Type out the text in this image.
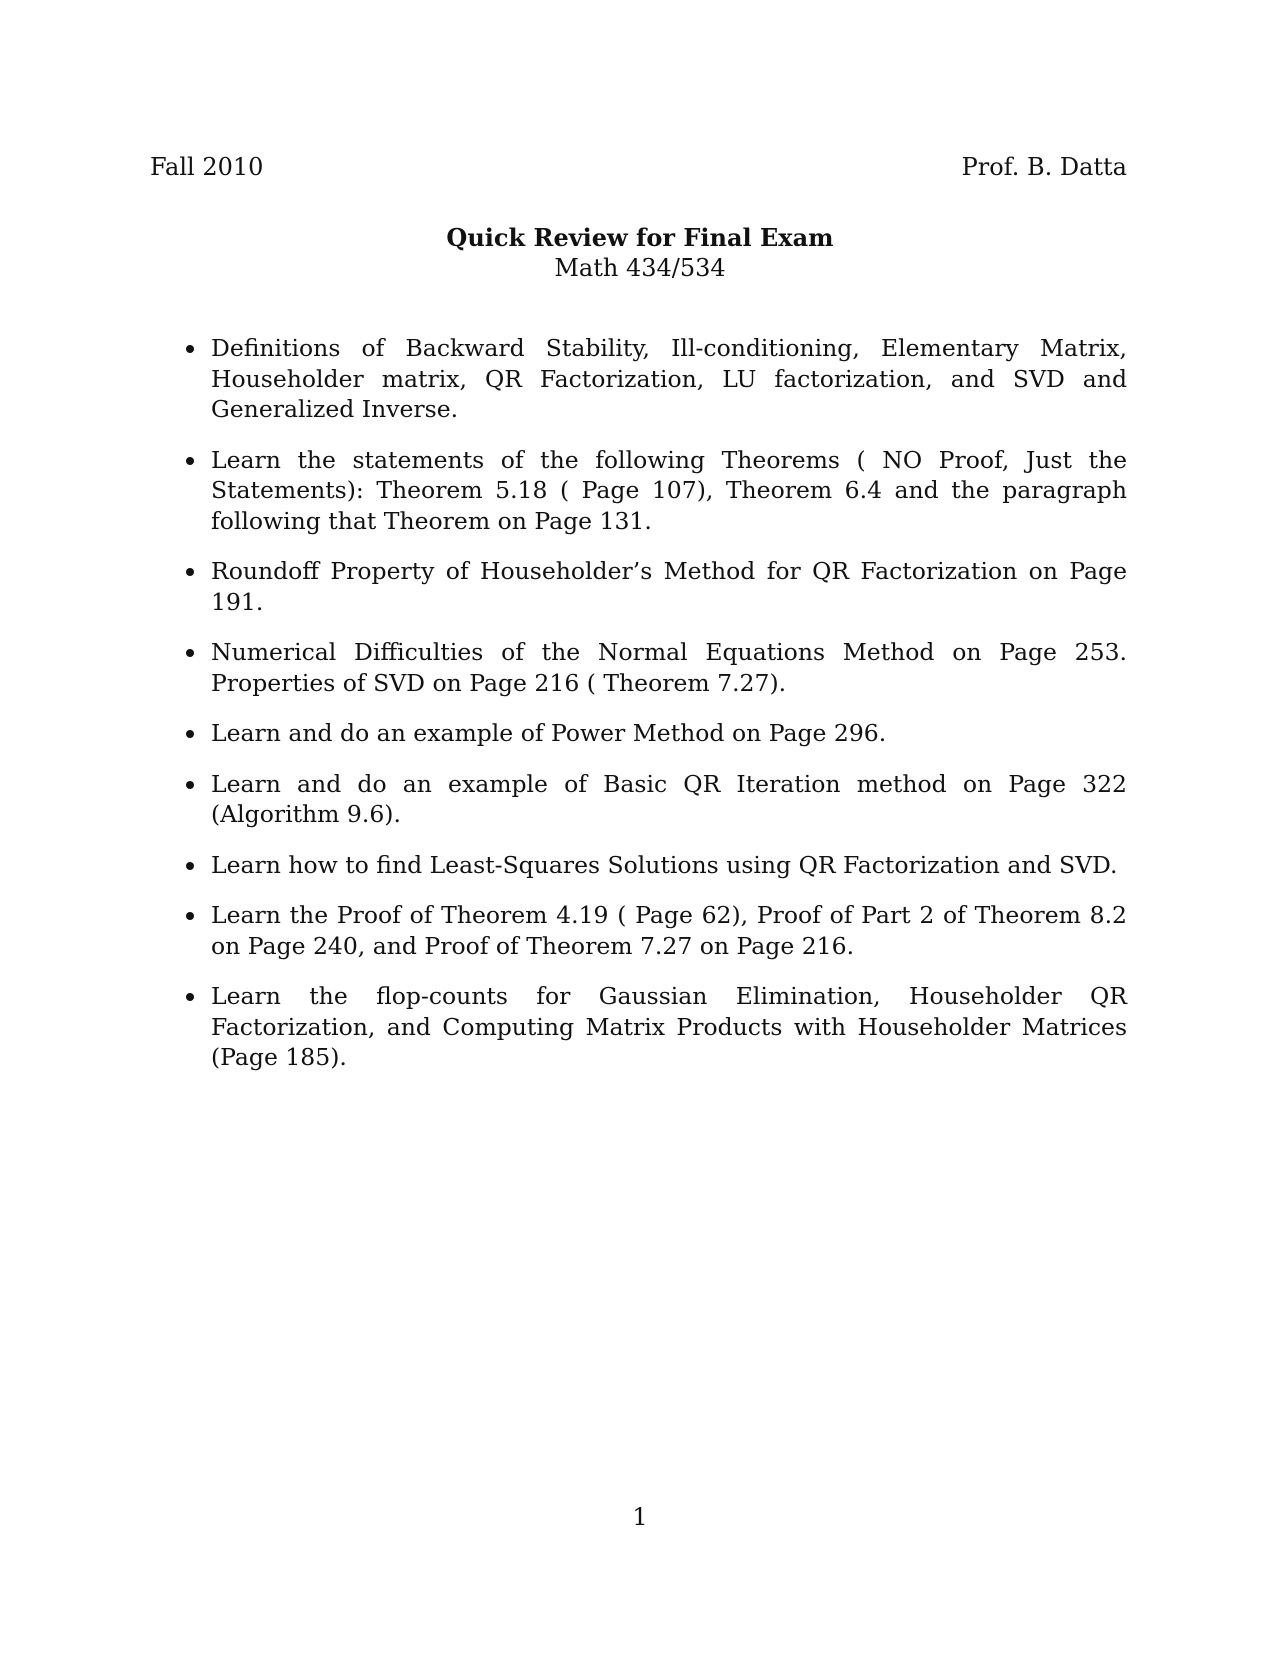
Fall 2010	Prof. B. Datta
Quick Review for Final Exam
Math 434/534
Definitions of Backward Stability, Ill-conditioning, Elementary Matrix, Householder matrix, QR Factorization, LU factorization, and SVD and Generalized Inverse.
Learn the statements of the following Theorems ( NO Proof, Just the Statements): Theorem 5.18 ( Page 107), Theorem 6.4 and the paragraph following that Theorem on Page 131.
Roundoff Property of Householder’s Method for QR Factorization on Page 191.
Numerical Difficulties of the Normal Equations Method on Page 253. Properties of SVD on Page 216 ( Theorem 7.27).
Learn and do an example of Power Method on Page 296.
Learn and do an example of Basic QR Iteration method on Page 322 (Algorithm 9.6).
Learn how to find Least-Squares Solutions using QR Factorization and SVD.
Learn the Proof of Theorem 4.19 ( Page 62), Proof of Part 2 of Theorem 8.2 on Page 240, and Proof of Theorem 7.27 on Page 216.
Learn the flop-counts for Gaussian Elimination, Householder QR Factorization, and Computing Matrix Products with Householder Matrices (Page 185).
1
